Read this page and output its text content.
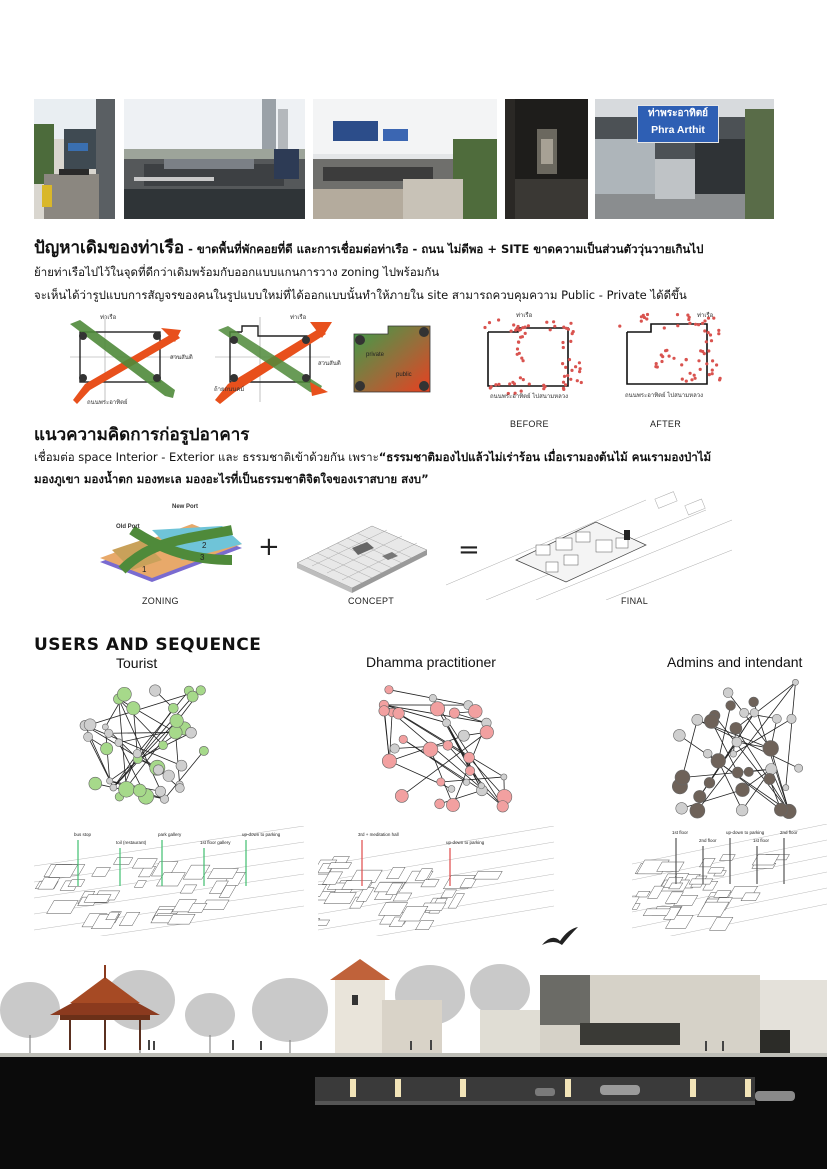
ท่าพระอาทิตย์
Phra Arthit
ปัญหาเดิมของท่าเรือ - ขาดพื้นที่พักคอยที่ดี และการเชื่อมต่อท่าเรือ - ถนน ไม่ดีพอ + SITE ขาดความเป็นส่วนตัววุ่นวายเกินไป
ย้ายท่าเรือไปไว้ในจุดที่ดีกว่าเดิมพร้อมกับออกแบบแกนการวาง zoning ไปพร้อมกัน
จะเห็นได้ว่ารูปแบบการสัญจรของคนในรูปแบบใหม่ที่ได้ออกแบบนั้นทำให้ภายใน site สามารถควบคุมความ Public - Private ได้ดีขึ้น
ท่าเรือ
สวนสันติ
ถนนพระอาทิตย์
ท่าเรือ
สวนสันติ
ถ้ายถนนคม์
private
public
ท่าเรือ
ถนนพระอาทิตย์ ไปสนามหลวง
BEFORE
ท่าเรือ
ถนนพระอาทิตย์ ไปสนามหลวง
AFTER
แนวความคิดการก่อรูปอาคาร
เชื่อมต่อ space Interior - Exterior และ ธรรมชาติเข้าด้วยกัน เพราะ“ธรรมชาติมองไปแล้วไม่เร่าร้อน เมื่อเรามองต้นไม้ คนเรามองป่าไม้
มองภูเขา มองน้ำตก มองทะเล มองอะไรที่เป็นธรรมชาติจิตใจของเราสบาย สงบ”
2
3
1
New Port
Old Port
+	=
ZONING	CONCEPT	FINAL
USERS AND SEQUENCE
Tourist	Dhamma practitioner	Admins and intendant
bus stop
toil (restaurant)
park gallery
1st floor gallery
up-down to parking	3rd + meditation hall
up-down to parking
1st floor
2nd floor
up-down to parking
1st floor
2nd floor
